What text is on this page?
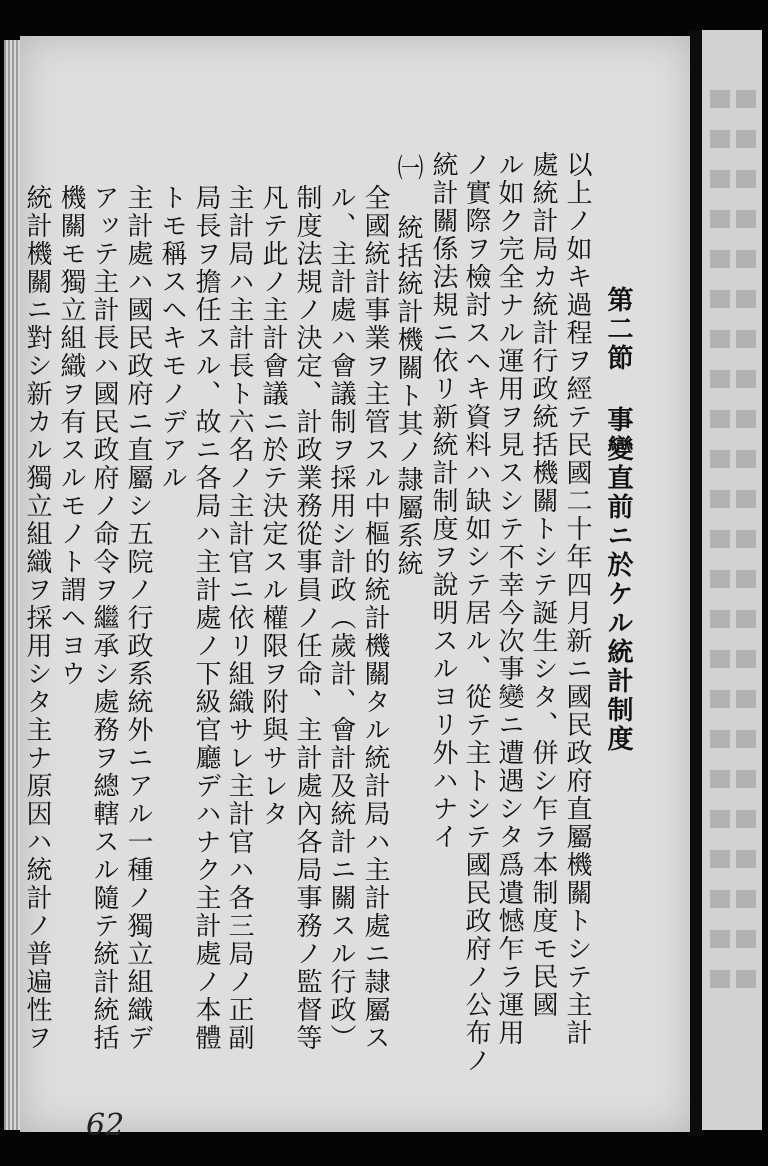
第二節 事變直前ニ於ケル統計制度
以上ノ如キ過程ヲ經テ民國二十年四月新ニ國民政府直屬機關トシテ主計
處統計局カ統計行政統括機關トシテ誕生シタ、併シ乍ラ本制度モ民國
ル如ク完全ナル運用ヲ見スシテ不幸今次事變ニ遭遇シタ爲遺憾乍ラ運用
ノ實際ヲ檢討スヘキ資料ハ缺如シテ居ル、從テ主トシテ國民政府ノ公布ノ
統計關係法規ニ依リ新統計制度ヲ說明スルヨリ外ハナイ
㈠ 統括統計機關ト其ノ隷屬系統
全國統計事業ヲ主管スル中樞的統計機關タル統計局ハ主計處ニ隷屬ス
ル、主計處ハ會議制ヲ採用シ計政（歲計、會計及統計ニ關スル行政）
制度法規ノ決定、計政業務從事員ノ任命、主計處內各局事務ノ監督等
凡テ此ノ主計會議ニ於テ決定スル權限ヲ附與サレタ
主計局ハ主計長ト六名ノ主計官ニ依リ組織サレ主計官ハ各三局ノ正副
局長ヲ擔任スル、故ニ各局ハ主計處ノ下級官廳デハナク主計處ノ本體
トモ稱スヘキモノデアル
主計處ハ國民政府ニ直屬シ五院ノ行政系統外ニアル一種ノ獨立組織デ
アッテ主計長ハ國民政府ノ命令ヲ繼承シ處務ヲ總轄スル隨テ統計統括
機關モ獨立組織ヲ有スルモノト謂ヘヨウ
統計機關ニ對シ新カル獨立組織ヲ採用シタ主ナ原因ハ統計ノ普遍性ヲ
62
